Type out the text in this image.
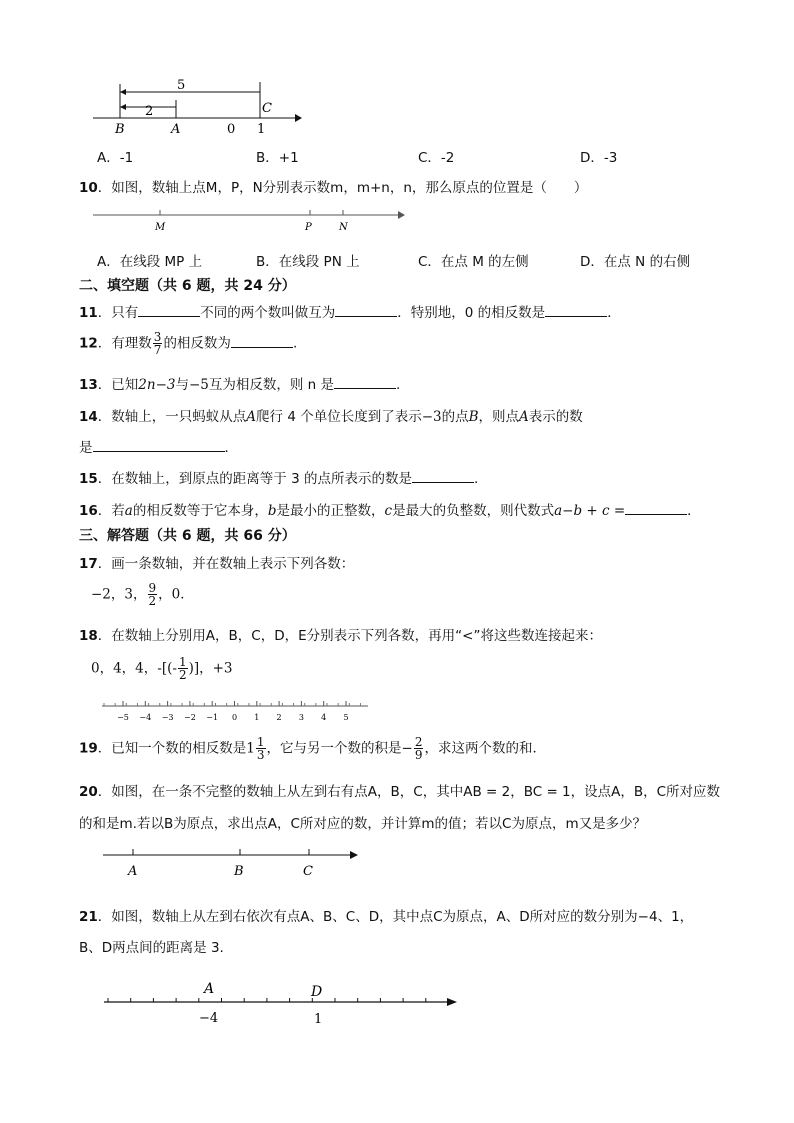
5
2
B	A	0 1
C
A．-1	B．+1	C．-2	D．-3
10．如图，数轴上点M，P，N分别表示数m，m+n，n，那么原点的位置是（　　）
M	P	N
A．在线段 MP 上	B．在线段 PN 上	C．在点 M 的左侧	D．在点 N 的右侧
二、填空题（共 6 题，共 24 分）
11．只有	不同的两个数叫做互为	．特别地，0 的相反数是	．
12．有理数 $\frac{3}{7}$ 的相反数为	.
13．已知2n−3与−5互为相反数，则 n 是	.
14．数轴上，一只蚂蚁从点A爬行 4 个单位长度到了表示−3的点B，则点A表示的数
是	．
15．在数轴上，到原点的距离等于 3 的点所表示的数是	.
16．若a的相反数等于它本身，b是最小的正整数，c是最大的负整数，则代数式a−b + c =	．
三、解答题（共 6 题，共 66 分）
17．画一条数轴，并在数轴上表示下列各数：
−2，3， $\frac{9}{2}$ ，0．
18．在数轴上分别用A，B，C，D，E分别表示下列各数，再用“<”将这些数连接起来：
0，4，4，-[(- $\frac{1}{2}$ )]，+3
−5 −4 −3 −2 −1 0 1 2 3 4 5
19．已知一个数的相反数是$1 \frac{1}{3}$ ，它与另一个数的积是− $\frac{2}{9}$ ，求这两个数的和．
20．如图，在一条不完整的数轴上从左到右有点A，B，C，其中AB = 2，BC = 1，设点A，B，C所对应数
的和是m.若以B为原点，求出点A，C所对应的数，并计算m的值；若以C为原点，m又是多少？
A	B	C
21．如图，数轴上从左到右依次有点A、B、C、D，其中点C为原点，A、D所对应的数分别为−4、1，
B、D两点间的距离是 3.
A	D
−4	1
